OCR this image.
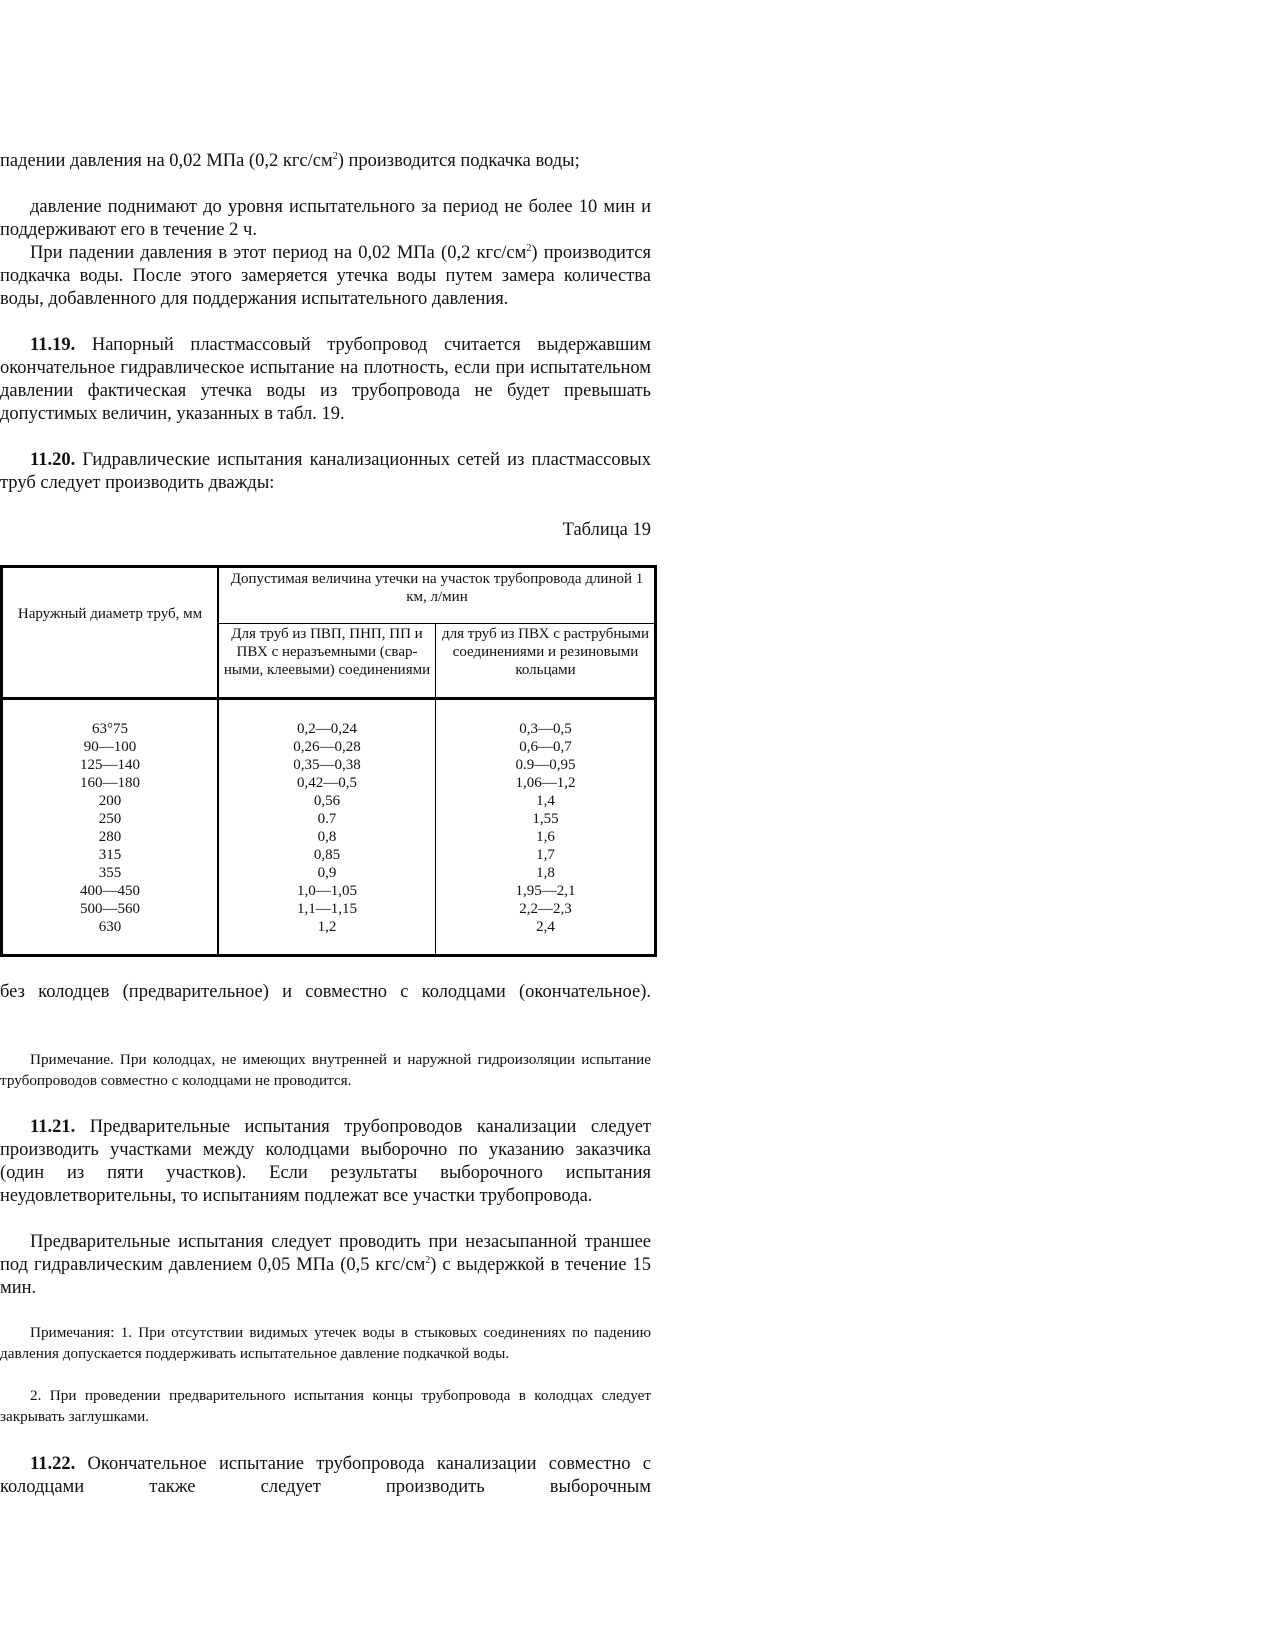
падении давления на 0,02 МПа (0,2 кгс/$см^2$) производится подкачка воды;

давление поднимают до уровня испытательного за период не более 10 мин и поддерживают его в течение 2 ч.

При падении давления в этот период на 0,02 МПа (0,2 кгс/$см^2$) производится подкачка воды. После этого замеряется утечка воды путем замера количества воды, добавленного для поддержания испытательного давления.

11.19. Напорный пластмассовый трубопровод считается выдержавшим окончательное гидравлическое испытание на плотность, если при испытательном давлении фактическая утечка воды из трубопровода не будет превышать допустимых величин, указанных в табл. 19.

11.20. Гидравлические испытания канализационных сетей из пластмассовых труб следует производить дважды:

Таблица 19
Наружный диаметр труб, мм
Допустимая величина утечки на участок трубопровода длиной 1 км, л/мин
Для труб из ПВП, ПНП, ПП и ПВХ с неразъемными (свар-ными, клеевыми) соединениями
для труб из ПВХ с раструбными соединениями и резиновыми кольцами
63°75
90—100
125—140
160—180
200
250
280
315
355
400—450
500—560
630
0,2—0,24
0,26—0,28
0,35—0,38
0,42—0,5
0,56
0.7
0,8
0,85
0,9
1,0—1,05
1,1—1,15
1,2
0,3—0,5
0,6—0,7
0.9—0,95
1,06—1,2
1,4
1,55
1,6
1,7
1,8
1,95—2,1
2,2—2,3
2,4

без колодцев (предварительное) и совместно с колодцами (окончательное).

Примечание. При колодцах, не имеющих внутренней и наружной гидроизоляции испытание трубопроводов совместно с колодцами не проводится.

11.21. Предварительные испытания трубопроводов канализации следует производить участками между колодцами выборочно по указанию заказчика (один из пяти участков). Если результаты выборочного испытания неудовлетворительны, то испытаниям подлежат все участки трубопровода.

Предварительные испытания следует проводить при незасыпанной траншее под гидравлическим давлением 0,05 МПа (0,5 кгс/$см^2$) с выдержкой в течение 15 мин.

Примечания: 1. При отсутствии видимых утечек воды в стыковых соединениях по падению давления допускается поддерживать испытательное давление подкачкой воды.

2. При проведении предварительного испытания концы трубопровода в колодцах следует закрывать заглушками.

11.22. Окончательное испытание трубопровода канализации совместно с колодцами также следует производить выборочным
